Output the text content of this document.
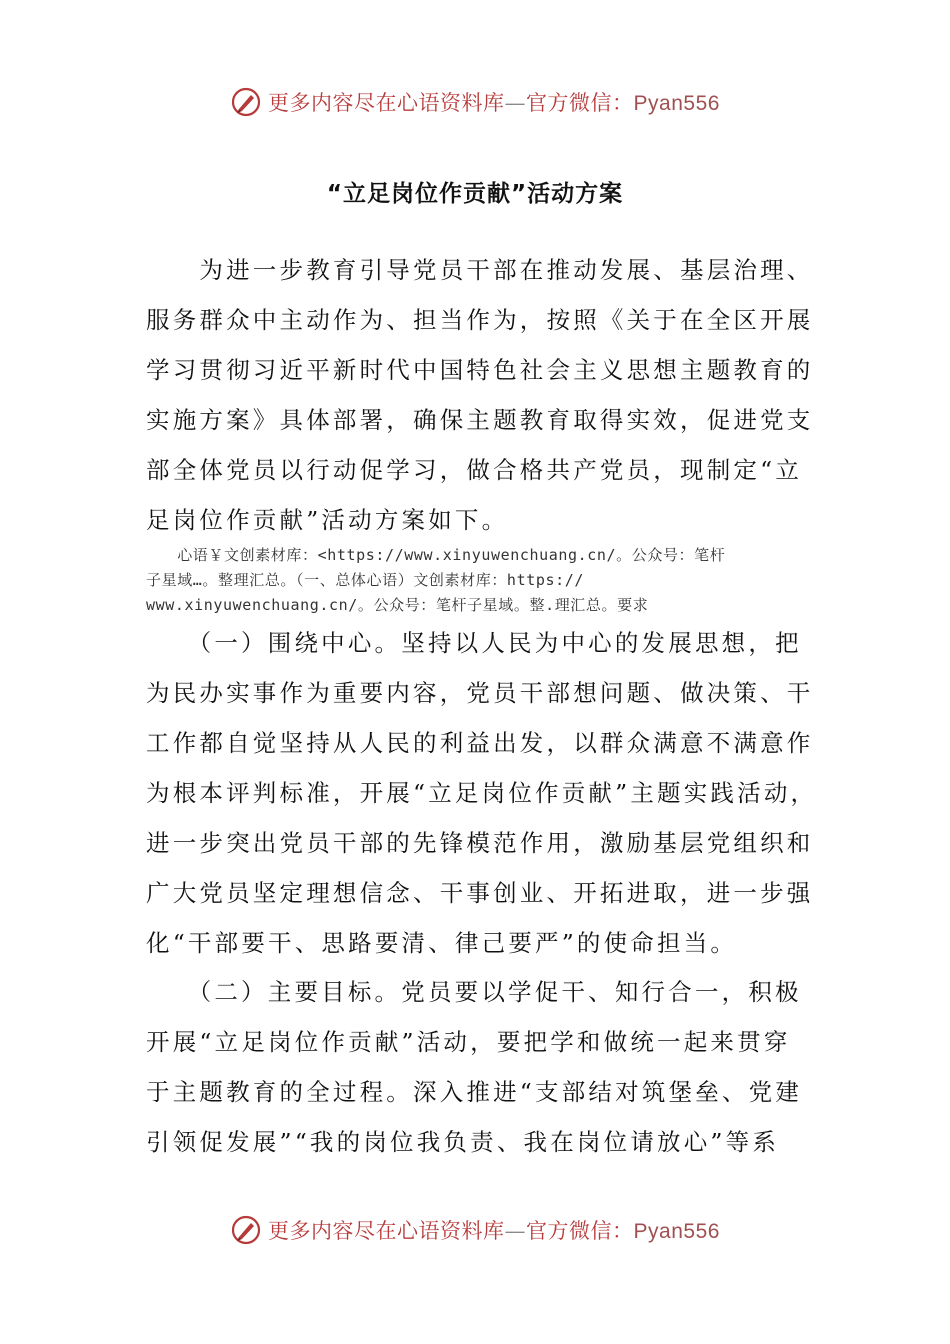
更多内容尽在心语资料库—官方微信：Pyan556
“立足岗位作贡献”活动方案
　　为进一步教育引导党员干部在推动发展、基层治理、
服务群众中主动作为、担当作为，按照《关于在全区开展
学习贯彻习近平新时代中国特色社会主义思想主题教育的
实施方案》具体部署，确保主题教育取得实效，促进党支
部全体党员以行动促学习，做合格共产党员，现制定“立
足岗位作贡献”活动方案如下。
　　心语￥文创素材库：<https://www.xinyuwenchuang.cn/。公众号：笔杆
子星域…。整理汇总。（一、总体心语）文创素材库：https://
www.xinyuwenchuang.cn/。公众号：笔杆子星域。整.理汇总。要求
　　（一）围绕中心。坚持以人民为中心的发展思想，把
为民办实事作为重要内容，党员干部想问题、做决策、干
工作都自觉坚持从人民的利益出发，以群众满意不满意作
为根本评判标准，开展“立足岗位作贡献”主题实践活动，
进一步突出党员干部的先锋模范作用，激励基层党组织和
广大党员坚定理想信念、干事创业、开拓进取，进一步强
化“干部要干、思路要清、律己要严”的使命担当。
　　（二）主要目标。党员要以学促干、知行合一，积极
开展“立足岗位作贡献”活动，要把学和做统一起来贯穿
于主题教育的全过程。深入推进“支部结对筑堡垒、党建
引领促发展”“我的岗位我负责、我在岗位请放心”等系
更多内容尽在心语资料库—官方微信：Pyan556
